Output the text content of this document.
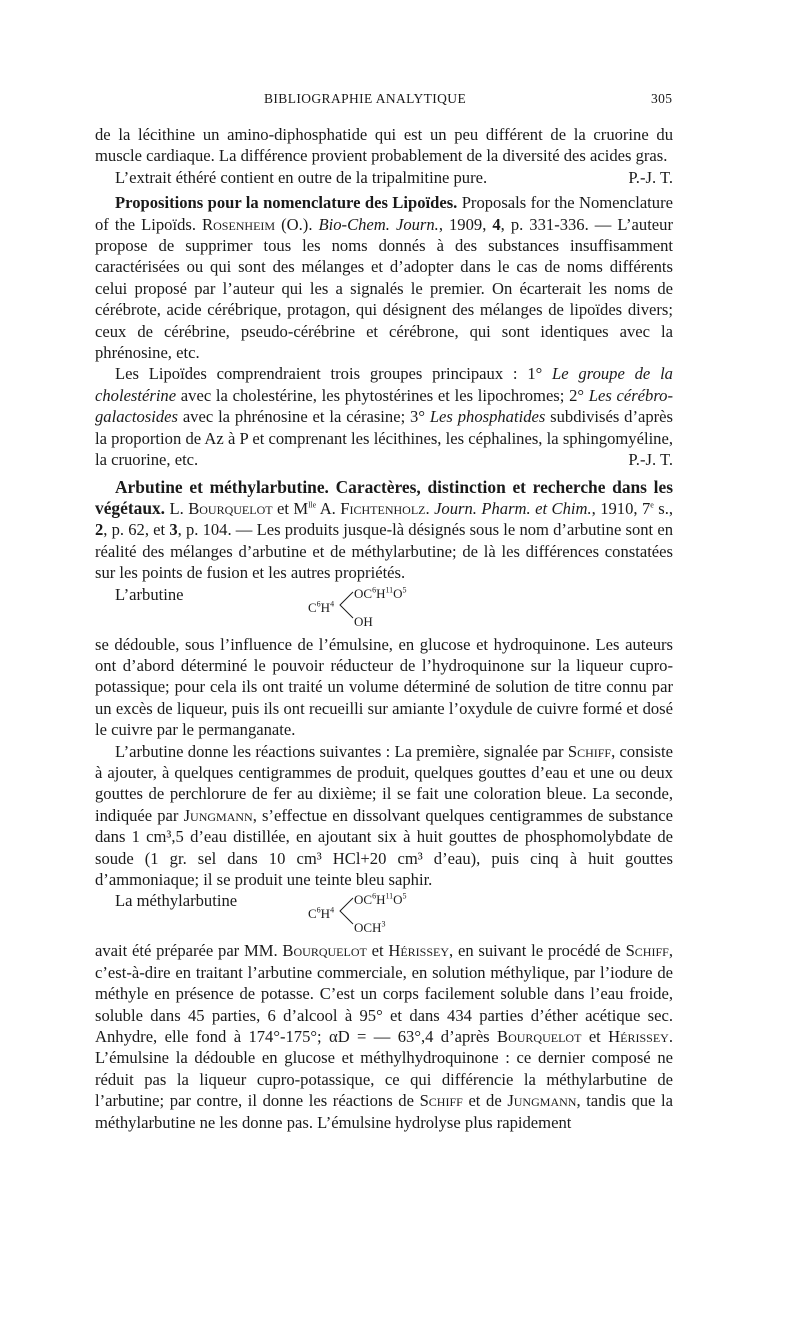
BIBLIOGRAPHIE ANALYTIQUE	305

de la lécithine un amino-diphosphatide qui est un peu différent de la cruorine du muscle cardiaque. La différence provient probablement de la diversité des acides gras.

L’extrait éthéré contient en outre de la tripalmitine pure.	P.-J. T.

Propositions pour la nomenclature des Lipoïdes. Proposals for the Nomenclature of the Lipoïds. Rosenheim (O.). Bio-Chem. Journ., 1909, 4, p. 331-336. — L’auteur propose de supprimer tous les noms donnés à des substances insuffisamment caractérisées ou qui sont des mélanges et d’adopter dans le cas de noms différents celui proposé par l’auteur qui les a signalés le premier. On écarterait les noms de cérébrote, acide cérébrique, protagon, qui désignent des mélanges de lipoïdes divers; ceux de cérébrine, pseudo-cérébrine et cérébrone, qui sont identiques avec la phrénosine, etc.

Les Lipoïdes comprendraient trois groupes principaux : 1° Le groupe de la cholestérine avec la cholestérine, les phytostérines et les lipochromes; 2° Les cérébro-galactosides avec la phrénosine et la cérasine; 3° Les phosphatides subdivisés d’après la proportion de Az à P et comprenant les lécithines, les céphalines, la sphingomyéline, la cruorine, etc.	P.-J. T.

Arbutine et méthylarbutine. Caractères, distinction et recherche dans les végétaux. L. Bourquelot et $M^{lle}$ A. Fichtenholz. Journ. Pharm. et Chim., 1910, 7e s., 2, p. 62, et 3, p. 104. — Les produits jusque-là désignés sous le nom d’arbutine sont en réalité des mélanges d’arbutine et de méthylarbutine; de là les différences constatées sur les points de fusion et les autres propriétés.

L’arbutine
$C^6H^4$
$OC^6H^{11}O^5$
OH

se dédouble, sous l’influence de l’émulsine, en glucose et hydroquinone. Les auteurs ont d’abord déterminé le pouvoir réducteur de l’hydroquinone sur la liqueur cupro-potassique; pour cela ils ont traité un volume déterminé de solution de titre connu par un excès de liqueur, puis ils ont recueilli sur amiante l’oxydule de cuivre formé et dosé le cuivre par le permanganate.

L’arbutine donne les réactions suivantes : La première, signalée par Schiff, consiste à ajouter, à quelques centigrammes de produit, quelques gouttes d’eau et une ou deux gouttes de perchlorure de fer au dixième; il se fait une coloration bleue. La seconde, indiquée par Jungmann, s’effectue en dissolvant quelques centigrammes de substance dans 1 cm³,5 d’eau distillée, en ajoutant six à huit gouttes de phosphomolybdate de soude (1 gr. sel dans 10 cm³ HCl+20 cm³ d’eau), puis cinq à huit gouttes d’ammoniaque; il se produit une teinte bleu saphir.

La méthylarbutine
$C^6H^4$
$OC^6H^{11}O^5$
OCH$^3$

avait été préparée par MM. Bourquelot et Hérissey, en suivant le procédé de Schiff, c’est-à-dire en traitant l’arbutine commerciale, en solution méthylique, par l’iodure de méthyle en présence de potasse. C’est un corps facilement soluble dans l’eau froide, soluble dans 45 parties, 6 d’alcool à 95° et dans 434 parties d’éther acétique sec. Anhydre, elle fond à 174°-175°; αD = — 63°,4 d’après Bourquelot et Hérissey. L’émulsine la dédouble en glucose et méthylhydroquinone : ce dernier composé ne réduit pas la liqueur cupro-potassique, ce qui différencie la méthylarbutine de l’arbutine; par contre, il donne les réactions de Schiff et de Jungmann, tandis que la méthylarbutine ne les donne pas. L’émulsine hydrolyse plus rapidement
